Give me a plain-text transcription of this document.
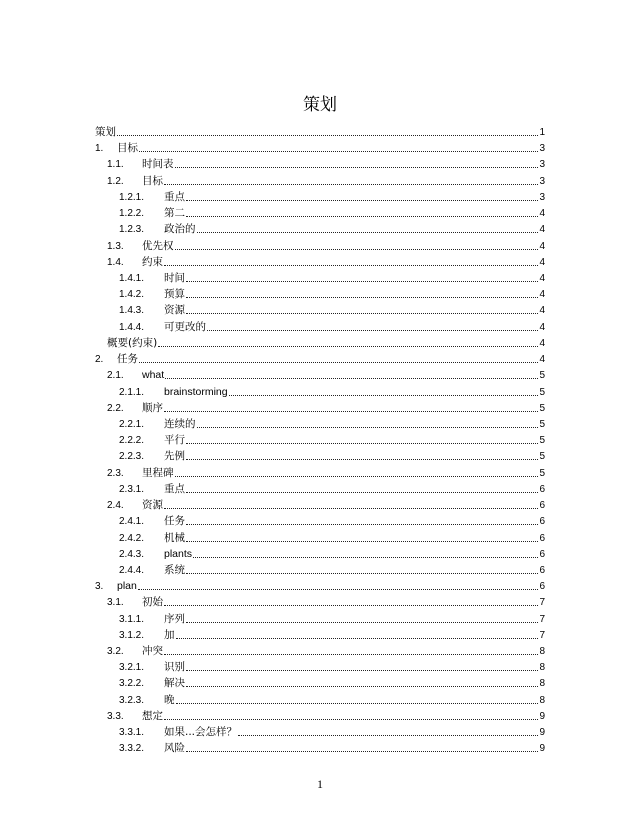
策划
策划	1
1.	目标	3
1.1.	时间表	3
1.2.	目标	3
1.2.1.	重点	3
1.2.2.	第二	4
1.2.3.	政治的	4
1.3.	优先权	4
1.4.	约束	4
1.4.1.	时间	4
1.4.2.	预算	4
1.4.3.	资源	4
1.4.4.	可更改的	4
概要(约束)	4
2.	任务	4
2.1.	what	5
2.1.1.	brainstorming	5
2.2.	顺序	5
2.2.1.	连续的	5
2.2.2.	平行	5
2.2.3.	先例	5
2.3.	里程碑	5
2.3.1.	重点	6
2.4.	资源	6
2.4.1.	任务	6
2.4.2.	机械	6
2.4.3.	plants	6
2.4.4.	系统	6
3.	plan	6
3.1.	初始	7
3.1.1.	序列	7
3.1.2.	加	7
3.2.	冲突	8
3.2.1.	识别	8
3.2.2.	解决	8
3.2.3.	晚	8
3.3.	想定	9
3.3.1.	如果...会怎样？	9
3.3.2.	风险	9
1
